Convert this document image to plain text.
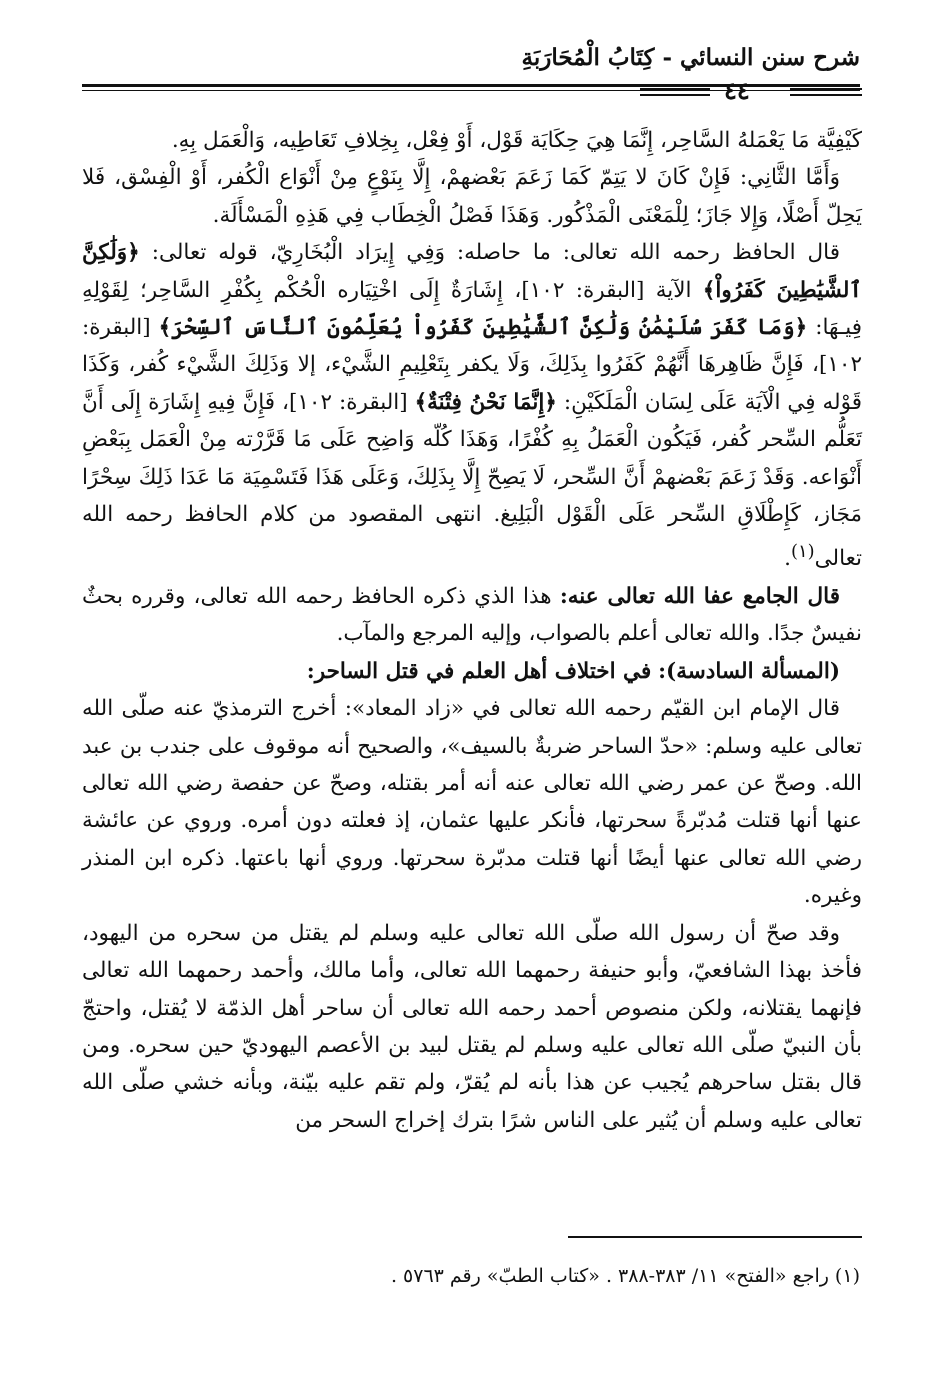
شرح سنن النسائي - كِتَابُ الْمُحَارَبَةِ
٤٤

كَيْفِيَّة مَا يَعْمَلهُ السَّاحِر، إِنَّمَا هِيَ حِكَايَة قَوْل، أَوْ فِعْل، بِخِلافِ تَعَاطِيه، وَالْعَمَل بِهِ.

وَأَمَّا الثَّانِي: فَإِنْ كَانَ لا يَتِمّ كَمَا زَعَمَ بَعْضهمْ، إِلَّا بِنَوْعٍ مِنْ أَنْوَاع الْكُفر، أَوْ الْفِسْق، فَلا يَحِلّ أَصْلًا، وَإِلا جَازَ؛ لِلْمَعْنَى الْمَذْكُور. وَهَذَا فَصْلُ الْخِطَاب فِي هَذِهِ الْمَسْأَلَة.

قال الحافظ رحمه الله تعالى: ما حاصله: وَفِي إِيرَاد الْبُخَارِيّ، قوله تعالى: ﴿وَلَٰكِنَّ ٱلشَّيَٰطِينَ كَفَرُواْ﴾ الآية [البقرة: ١٠٢]، إِشَارَةٌ إِلَى اخْتِيَاره الْحُكْم بِكُفْرِ السَّاحِر؛ لِقَوْلِهِ فِيـهَا: ﴿وَمَا كَفَرَ سُلَيْمَٰنُ وَلَٰكِنَّ ٱلشَّيَٰطِينَ كَفَرُواْ يُعَلِّمُونَ ٱلنَّاسَ ٱلسِّحْرَ﴾ [البقرة: ١٠٢]، فَإِنَّ ظَاهِرهَا أَنَّهُمْ كَفَرُوا بِذَلِكَ، وَلَا يكفر بِتَعْلِيمِ الشَّيْء، إلا وَذَلِكَ الشَّيْء كُفر، وَكَذَا قَوْله فِي الْآيَة عَلَى لِسَان الْمَلَكَيْنِ: ﴿إِنَّمَا نَحْنُ فِتْنَةٌ﴾ [البقرة: ١٠٢]، فَإِنَّ فِيهِ إِشَارَة إِلَى أَنَّ تَعَلُّم السِّحر كُفر، فَيَكُون الْعَمَلُ بِهِ كُفْرًا، وَهَذَا كُلّه وَاضِح عَلَى مَا قَرَّرْته مِنْ الْعَمَل بِبَعْضِ أَنْوَاعه. وَقَدْ زَعَمَ بَعْضهمْ أَنَّ السِّحر، لَا يَصِحّ إِلَّا بِذَلِكَ، وَعَلَى هَذَا فَتَسْمِيَة مَا عَدَا ذَلِكَ سِحْرًا مَجَاز، كَإِطْلَاقِ السِّحر عَلَى الْقَوْل الْبَلِيغ. انتهى المقصود من كلام الحافظ رحمه الله تعالى$^{(١)}$.

قال الجامع عفا الله تعالى عنه: هذا الذي ذكره الحافظ رحمه الله تعالى، وقرره بحثٌ نفيسٌ جدًا. والله تعالى أعلم بالصواب، وإليه المرجع والمآب.

(المسألة السادسة): في اختلاف أهل العلم في قتل الساحر:

قال الإمام ابن القيّم رحمه الله تعالى في «زاد المعاد»: أخرج الترمذيّ عنه صلّى الله تعالى عليه وسلم: «حدّ الساحر ضربةٌ بالسيف»، والصحيح أنه موقوف على جندب بن عبد الله. وصحّ عن عمر رضي الله تعالى عنه أنه أمر بقتله، وصحّ عن حفصة رضي الله تعالى عنها أنها قتلت مُدبّرةً سحرتها، فأنكر عليها عثمان، إذ فعلته دون أمره. وروي عن عائشة رضي الله تعالى عنها أيضًا أنها قتلت مدبّرة سحرتها. وروي أنها باعتها. ذكره ابن المنذر وغيره.

وقد صحّ أن رسول الله صلّى الله تعالى عليه وسلم لم يقتل من سحره من اليهود، فأخذ بهذا الشافعيّ، وأبو حنيفة رحمهما الله تعالى، وأما مالك، وأحمد رحمهما الله تعالى فإنهما يقتلانه، ولكن منصوص أحمد رحمه الله تعالى أن ساحر أهل الذمّة لا يُقتل، واحتجّ بأن النبيّ صلّى الله تعالى عليه وسلم لم يقتل لبيد بن الأعصم اليهوديّ حين سحره. ومن قال بقتل ساحرهم يُجيب عن هذا بأنه لم يُقرّ، ولم تقم عليه بيّنة، وبأنه خشي صلّى الله تعالى عليه وسلم أن يُثير على الناس شرًا بترك إخراج السحر من

(١) راجع «الفتح» ١١/ ٣٨٣-٣٨٨ . «كتاب الطبّ» رقم ٥٧٦٣ .
